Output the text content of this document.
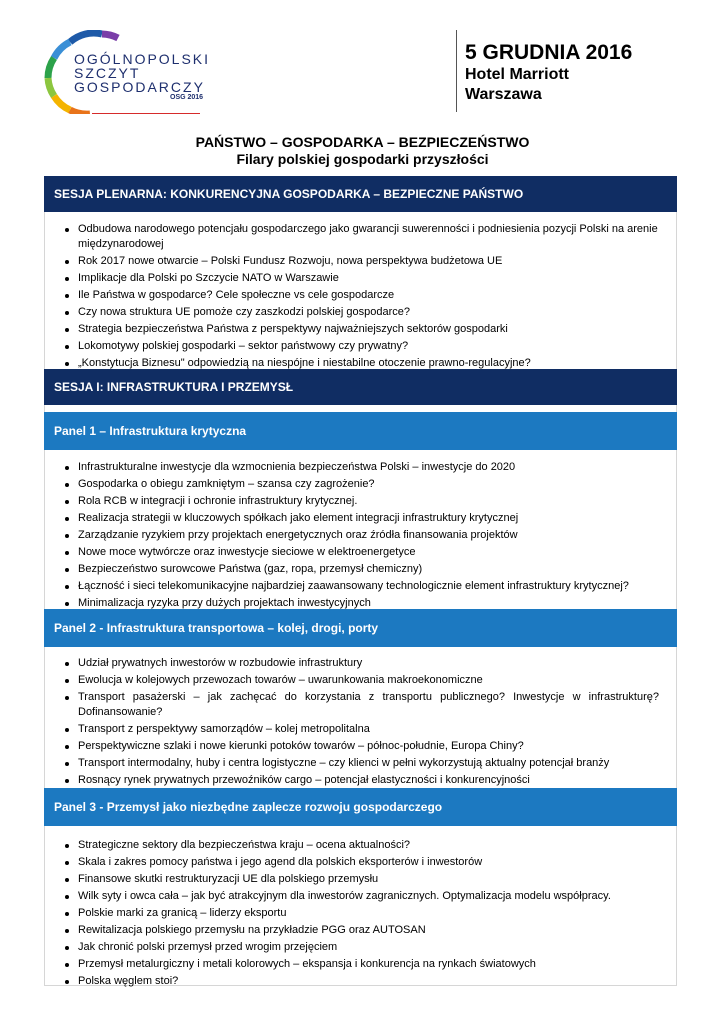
OGÓLNOPOLSKI
SZCZYT
GOSPODARCZY
OSG 2016
5 GRUDNIA 2016
Hotel Marriott
Warszawa
PAŃSTWO – GOSPODARKA – BEZPIECZEŃSTWO
Filary polskiej gospodarki przyszłości
SESJA PLENARNA: KONKURENCYJNA GOSPODARKA – BEZPIECZNE PAŃSTWO
Odbudowa narodowego potencjału gospodarczego jako gwarancji suwerenności i podniesienia pozycji Polski na arenie międzynarodowej
Rok 2017 nowe otwarcie – Polski Fundusz Rozwoju, nowa perspektywa budżetowa UE
Implikacje dla Polski po Szczycie NATO w Warszawie
Ile Państwa w gospodarce? Cele społeczne vs cele gospodarcze
Czy nowa struktura UE pomoże czy zaszkodzi polskiej gospodarce?
Strategia bezpieczeństwa Państwa z perspektywy najważniejszych sektorów gospodarki
Lokomotywy polskiej gospodarki – sektor państwowy czy prywatny?
„Konstytucja Biznesu" odpowiedzią na niespójne i niestabilne otoczenie prawno-regulacyjne?
SESJA I: INFRASTRUKTURA I PRZEMYSŁ
Panel 1 – Infrastruktura krytyczna
Infrastrukturalne inwestycje dla wzmocnienia bezpieczeństwa Polski – inwestycje do 2020
Gospodarka o obiegu zamkniętym – szansa czy zagrożenie?
Rola RCB w integracji i ochronie infrastruktury krytycznej.
Realizacja strategii w kluczowych spółkach jako element integracji infrastruktury krytycznej
Zarządzanie ryzykiem przy projektach energetycznych oraz źródła finansowania projektów
Nowe moce wytwórcze oraz inwestycje sieciowe w elektroenergetyce
Bezpieczeństwo surowcowe Państwa (gaz, ropa, przemysł chemiczny)
Łączność i sieci telekomunikacyjne najbardziej zaawansowany technologicznie element infrastruktury krytycznej?
Minimalizacja ryzyka przy dużych projektach inwestycyjnych
Panel 2 - Infrastruktura transportowa – kolej, drogi, porty
Udział prywatnych inwestorów w rozbudowie infrastruktury
Ewolucja w kolejowych przewozach towarów – uwarunkowania makroekonomiczne
Transport pasażerski – jak zachęcać do korzystania z transportu publicznego? Inwestycje w infrastrukturę? Dofinansowanie?
Transport z perspektywy samorządów – kolej metropolitalna
Perspektywiczne szlaki i nowe kierunki potoków towarów – północ-południe, Europa Chiny?
Transport intermodalny, huby i centra logistyczne – czy klienci w pełni wykorzystują aktualny potencjał branży
Rosnący rynek prywatnych przewoźników cargo – potencjał elastyczności i konkurencyjności
Panel 3 - Przemysł jako niezbędne zaplecze rozwoju gospodarczego
Strategiczne sektory dla bezpieczeństwa kraju – ocena aktualności?
Skala i zakres pomocy państwa i jego agend dla polskich eksporterów i inwestorów
Finansowe skutki restrukturyzacji UE dla polskiego przemysłu
Wilk syty i owca cała – jak być atrakcyjnym dla inwestorów zagranicznych. Optymalizacja modelu współpracy.
Polskie marki za granicą – liderzy eksportu
Rewitalizacja polskiego przemysłu na przykładzie PGG oraz AUTOSAN
Jak chronić polski przemysł przed wrogim przejęciem
Przemysł metalurgiczny i metali kolorowych – ekspansja i konkurencja na rynkach światowych
Polska węglem stoi?
